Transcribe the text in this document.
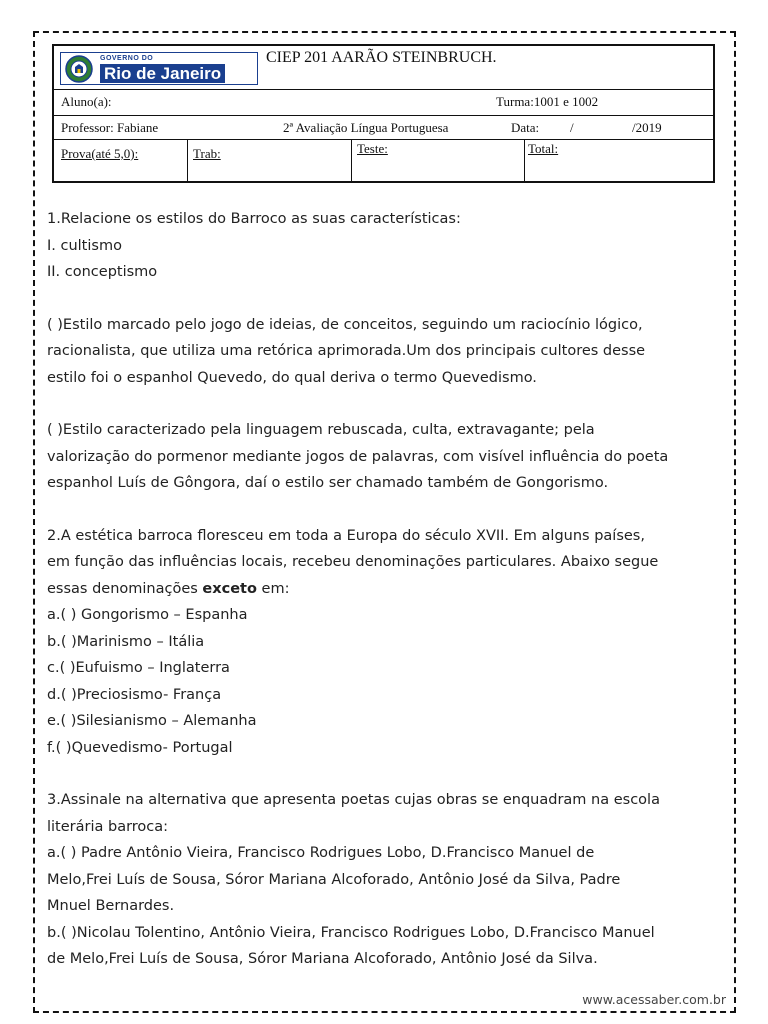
GOVERNO DO
Rio de Janeiro
CIEP 201 AARÃO STEINBRUCH.
Aluno(a):	Turma:1001 e 1002
Professor: Fabiane	2ª Avaliação Língua Portuguesa	Data: /	/2019
Prova(até 5,0):	Trab:	Teste:	Total:

1.Relacione os estilos do Barroco as suas características:

I. cultismo

II. conceptismo

( )Estilo marcado pelo jogo de ideias, de conceitos, seguindo um raciocínio lógico,

racionalista, que utiliza uma retórica aprimorada.Um dos principais cultores desse

estilo foi o espanhol Quevedo, do qual deriva o termo Quevedismo.

( )Estilo caracterizado pela linguagem rebuscada, culta, extravagante; pela

valorização do pormenor mediante jogos de palavras, com visível influência do poeta

espanhol Luís de Gôngora, daí o estilo ser chamado também de Gongorismo.

2.A estética barroca floresceu em toda a Europa do século XVII. Em alguns países,

em função das influências locais, recebeu denominações particulares. Abaixo segue

essas denominações exceto em:

a.( ) Gongorismo – Espanha

b.( )Marinismo – Itália

c.( )Eufuismo – Inglaterra

d.( )Preciosismo- França

e.( )Silesianismo – Alemanha

f.( )Quevedismo- Portugal

3.Assinale na alternativa que apresenta poetas cujas obras se enquadram na escola

literária barroca:

a.( ) Padre Antônio Vieira, Francisco Rodrigues Lobo, D.Francisco Manuel de

Melo,Frei Luís de Sousa, Sóror Mariana Alcoforado, Antônio José da Silva, Padre

Mnuel Bernardes.

b.( )Nicolau Tolentino, Antônio Vieira, Francisco Rodrigues Lobo, D.Francisco Manuel

de Melo,Frei Luís de Sousa, Sóror Mariana Alcoforado, Antônio José da Silva.

www.acessaber.com.br
